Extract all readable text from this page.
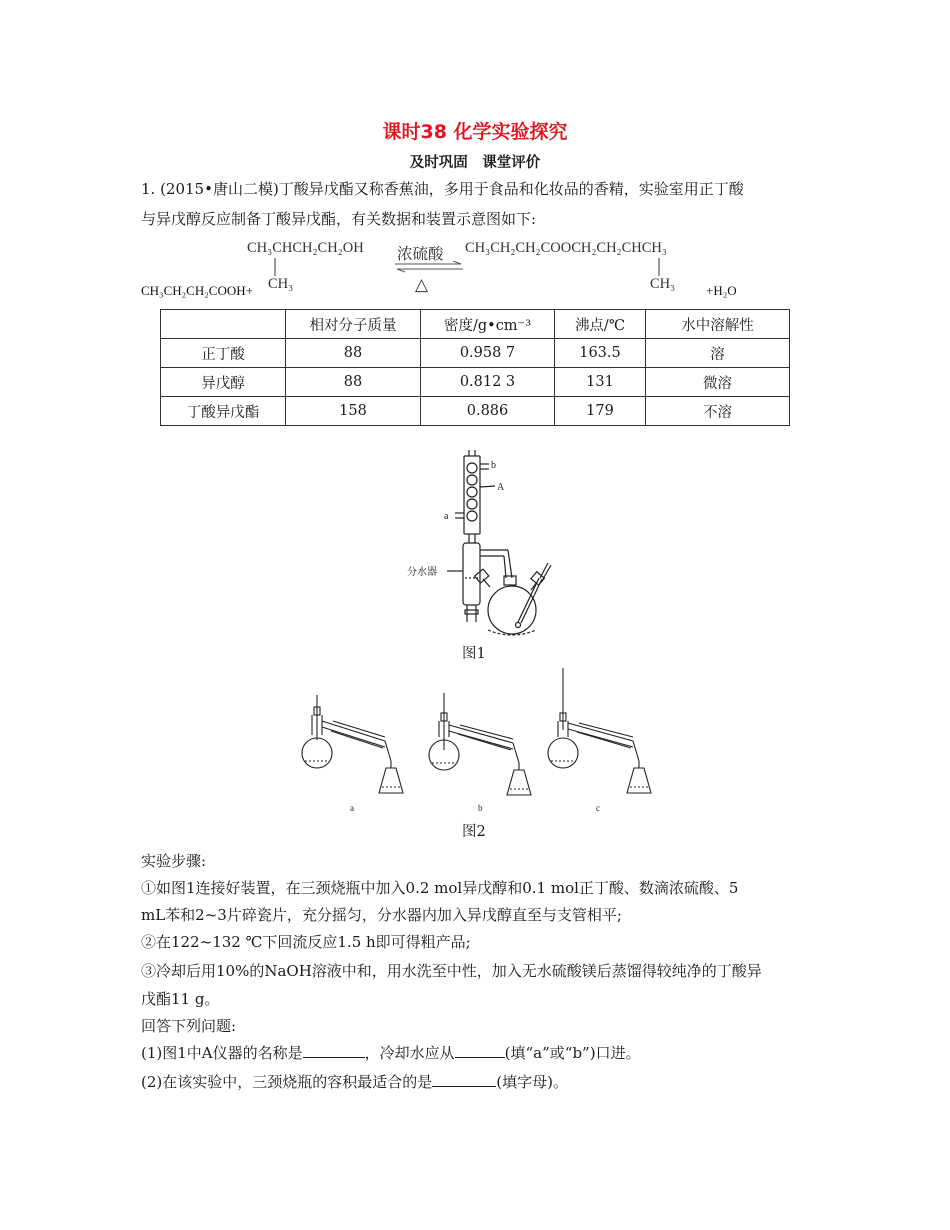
课时38 化学实验探究
及时巩固　课堂评价
1. (2015•唐山二模)丁酸异戊酯又称香蕉油，多用于食品和化妆品的香精，实验室用正丁酸
与异戊醇反应制备丁酸异戊酯，有关数据和装置示意图如下:
CH₃CH₂CH₂COOH+
CH₃CHCH₂CH₂OH
CH₃
浓硫酸
△
CH₃CH₂CH₂COOCH₂CH₂CHCH₃
CH₃ +H₂O
	相对分子质量	密度/g•cm⁻³	沸点/℃	水中溶解性
正丁酸	88	0.958 7	163.5	溶
异戊醇	88	0.812 3	131	微溶
丁酸异戊酯	158	0.886	179	不溶
b
A
a
分水器
图1
a	b	c
图2
实验步骤:
①如图1连接好装置，在三颈烧瓶中加入0.2 mol异戊醇和0.1 mol正丁酸、数滴浓硫酸、5
mL苯和2~3片碎瓷片，充分摇匀，分水器内加入异戊醇直至与支管相平;
②在122~132 ℃下回流反应1.5 h即可得粗产品;
③冷却后用10%的NaOH溶液中和，用水洗至中性，加入无水硫酸镁后蒸馏得较纯净的丁酸异
戊酯11 g。
回答下列问题:
(1)图1中A仪器的名称是	，冷却水应从	(填“a”或“b”)口进。
(2)在该实验中，三颈烧瓶的容积最适合的是	(填字母)。
